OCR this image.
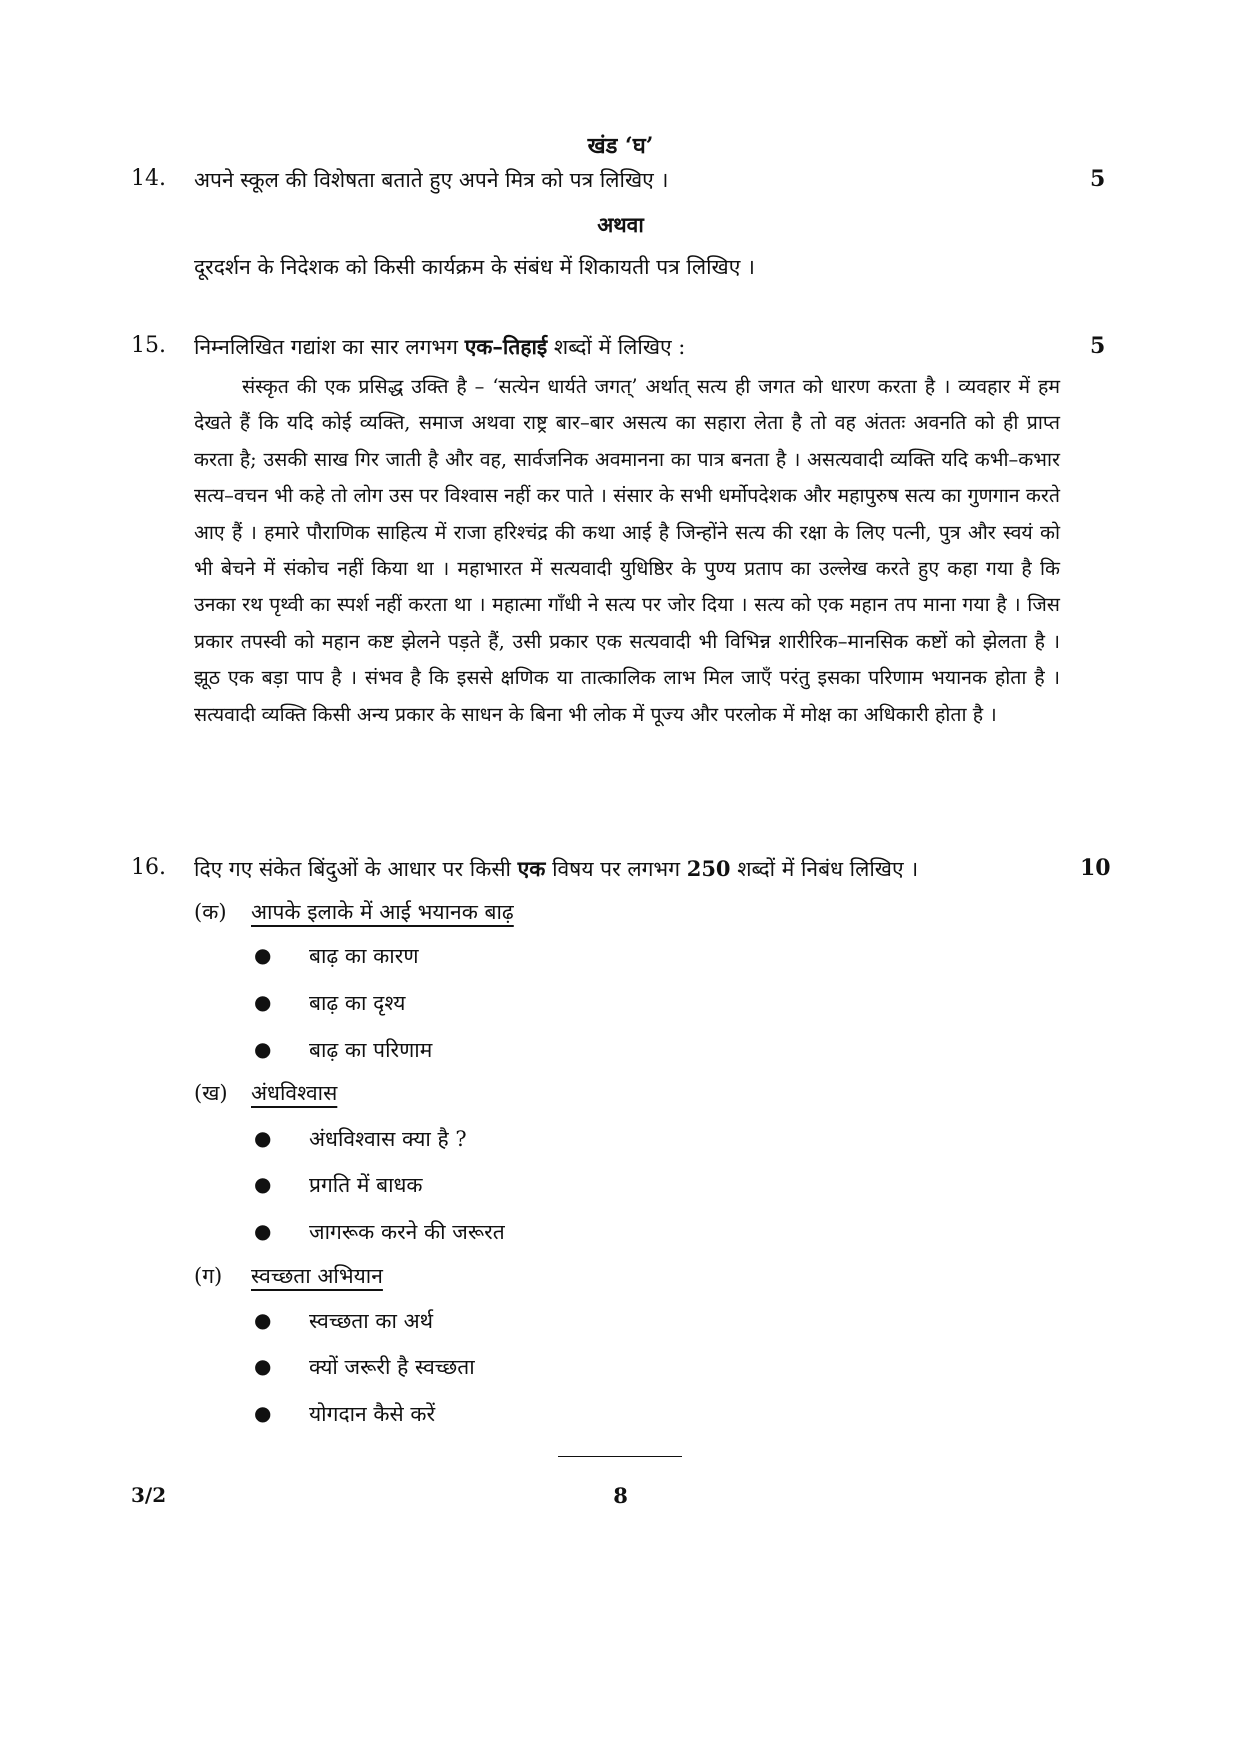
खंड ‘घ’
14. अपने स्कूल की विशेषता बताते हुए अपने मित्र को पत्र लिखिए ।	5
अथवा
दूरदर्शन के निदेशक को किसी कार्यक्रम के संबंध में शिकायती पत्र लिखिए ।
15. निम्नलिखित गद्यांश का सार लगभग एक–तिहाई शब्दों में लिखिए :	5

संस्कृत की एक प्रसिद्ध उक्ति है – ‘सत्येन धार्यते जगत्’ अर्थात् सत्य ही जगत को धारण करता है । व्यवहार में हम देखते हैं कि यदि कोई व्यक्ति, समाज अथवा राष्ट्र बार–बार असत्य का सहारा लेता है तो वह अंततः अवनति को ही प्राप्त करता है; उसकी साख गिर जाती है और वह, सार्वजनिक अवमानना का पात्र बनता है । असत्यवादी व्यक्ति यदि कभी–कभार सत्य–वचन भी कहे तो लोग उस पर विश्वास नहीं कर पाते । संसार के सभी धर्मोपदेशक और महापुरुष सत्य का गुणगान करते आए हैं । हमारे पौराणिक साहित्य में राजा हरिश्चंद्र की कथा आई है जिन्होंने सत्य की रक्षा के लिए पत्नी, पुत्र और स्वयं को भी बेचने में संकोच नहीं किया था । महाभारत में सत्यवादी युधिष्ठिर के पुण्य प्रताप का उल्लेख करते हुए कहा गया है कि उनका रथ पृथ्वी का स्पर्श नहीं करता था । महात्मा गाँधी ने सत्य पर जोर दिया । सत्य को एक महान तप माना गया है । जिस प्रकार तपस्वी को महान कष्ट झेलने पड़ते हैं, उसी प्रकार एक सत्यवादी भी विभिन्न शारीरिक–मानसिक कष्टों को झेलता है । झूठ एक बड़ा पाप है । संभव है कि इससे क्षणिक या तात्कालिक लाभ मिल जाएँ परंतु इसका परिणाम भयानक होता है । सत्यवादी व्यक्ति किसी अन्य प्रकार के साधन के बिना भी लोक में पूज्य और परलोक में मोक्ष का अधिकारी होता है ।

16. दिए गए संकेत बिंदुओं के आधार पर किसी एक विषय पर लगभग 250 शब्दों में निबंध लिखिए ।	10
(क) आपके इलाके में आई भयानक बाढ़
● बाढ़ का कारण
● बाढ़ का दृश्य
● बाढ़ का परिणाम
(ख) अंधविश्वास
● अंधविश्वास क्या है ?
● प्रगति में बाधक
● जागरूक करने की जरूरत
(ग) स्वच्छता अभियान
● स्वच्छता का अर्थ
● क्यों जरूरी है स्वच्छता
● योगदान कैसे करें
3/2	8
